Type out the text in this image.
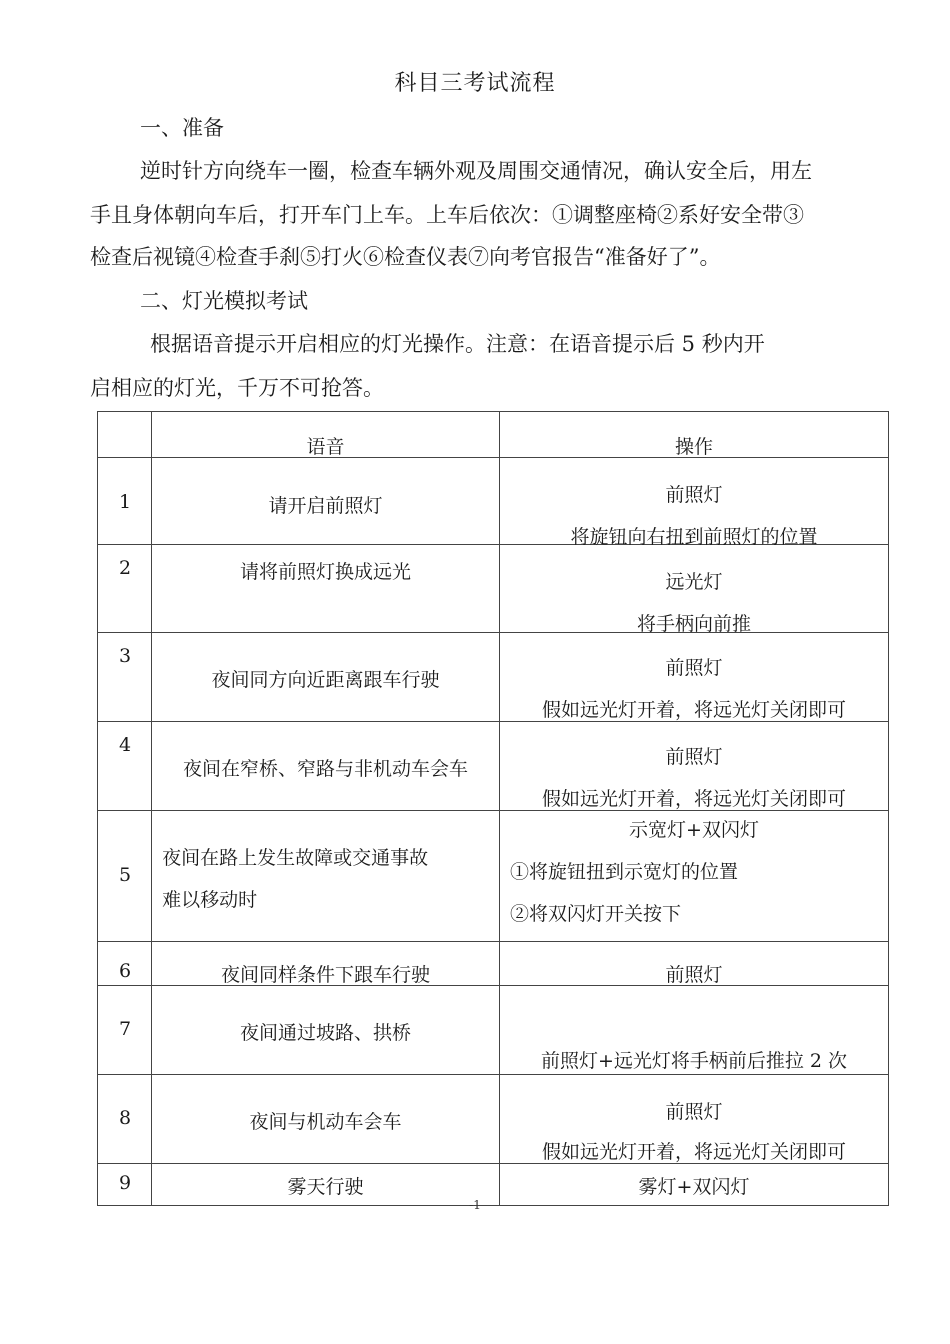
科目三考试流程
一、准备
逆时针方向绕车一圈，检查车辆外观及周围交通情况，确认安全后，用左
手且身体朝向车后，打开车门上车。上车后依次：①调整座椅②系好安全带③
检查后视镜④检查手刹⑤打火⑥检查仪表⑦向考官报告“准备好了”。
二、灯光模拟考试
根据语音提示开启相应的灯光操作。注意：在语音提示后 5 秒内开
启相应的灯光，千万不可抢答。

	语音	操作

1	请开启前照灯	前照灯
将旋钮向右扭到前照灯的位置

2	请将前照灯换成远光	远光灯
将手柄向前推

3	夜间同方向近距离跟车行驶	前照灯
假如远光灯开着，将远光灯关闭即可

4	夜间在窄桥、窄路与非机动车会车	前照灯
假如远光灯开着，将远光灯关闭即可

5	夜间在路上发生故障或交通事故
难以移动时	示宽灯+双闪灯
①将旋钮扭到示宽灯的位置
②将双闪灯开关按下

6	夜间同样条件下跟车行驶	前照灯

7	夜间通过坡路、拱桥	前照灯+远光灯将手柄前后推拉 2 次

8	夜间与机动车会车	前照灯
假如远光灯开着，将远光灯关闭即可

9	雾天行驶	雾灯+双闪灯
-1
